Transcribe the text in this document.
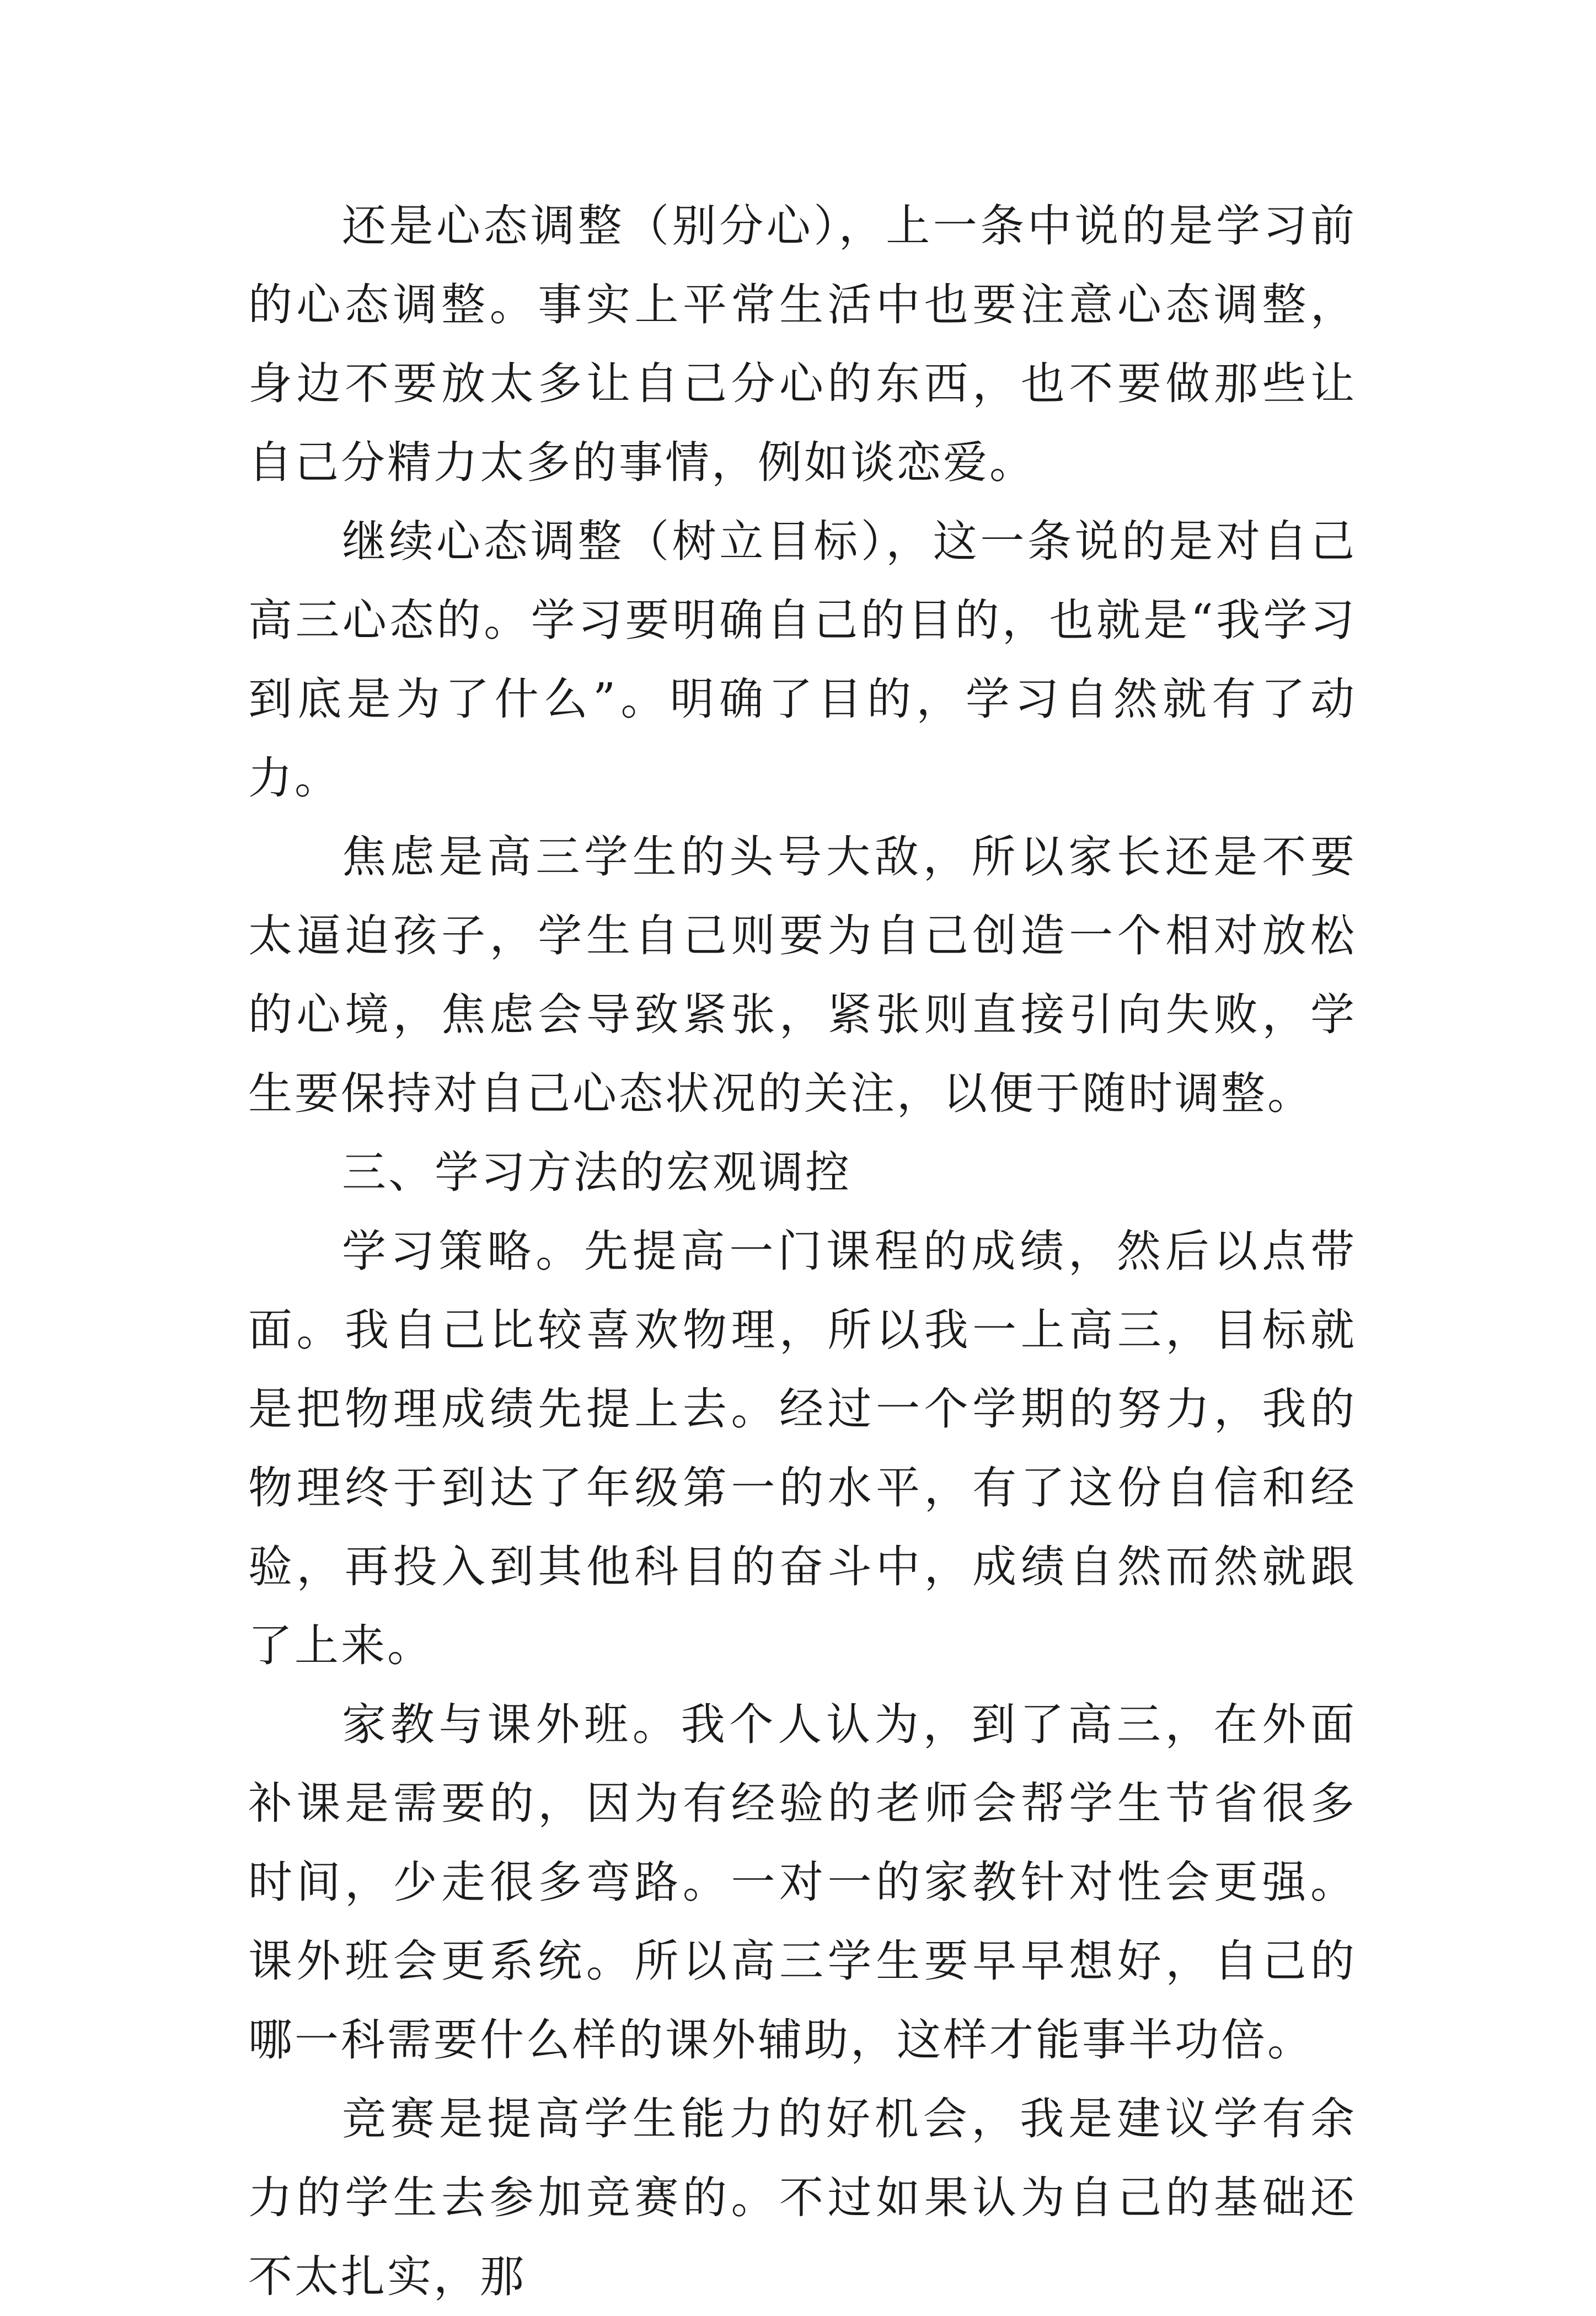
还是心态调整（别分心），上一条中说的是学习前的心态调整。事实上平常生活中也要注意心态调整，身边不要放太多让自己分心的东西，也不要做那些让自己分精力太多的事情，例如谈恋爱。

继续心态调整（树立目标），这一条说的是对自己高三心态的。学习要明确自己的目的，也就是“我学习到底是为了什么”。明确了目的，学习自然就有了动力。

焦虑是高三学生的头号大敌，所以家长还是不要太逼迫孩子，学生自己则要为自己创造一个相对放松的心境，焦虑会导致紧张，紧张则直接引向失败，学生要保持对自己心态状况的关注，以便于随时调整。

三、学习方法的宏观调控

学习策略。先提高一门课程的成绩，然后以点带面。我自己比较喜欢物理，所以我一上高三，目标就是把物理成绩先提上去。经过一个学期的努力，我的物理终于到达了年级第一的水平，有了这份自信和经验，再投入到其他科目的奋斗中，成绩自然而然就跟了上来。

家教与课外班。我个人认为，到了高三，在外面补课是需要的，因为有经验的老师会帮学生节省很多时间，少走很多弯路。一对一的家教针对性会更强。课外班会更系统。所以高三学生要早早想好，自己的哪一科需要什么样的课外辅助，这样才能事半功倍。

竞赛是提高学生能力的好机会，我是建议学有余力的学生去参加竞赛的。不过如果认为自己的基础还不太扎实，那
